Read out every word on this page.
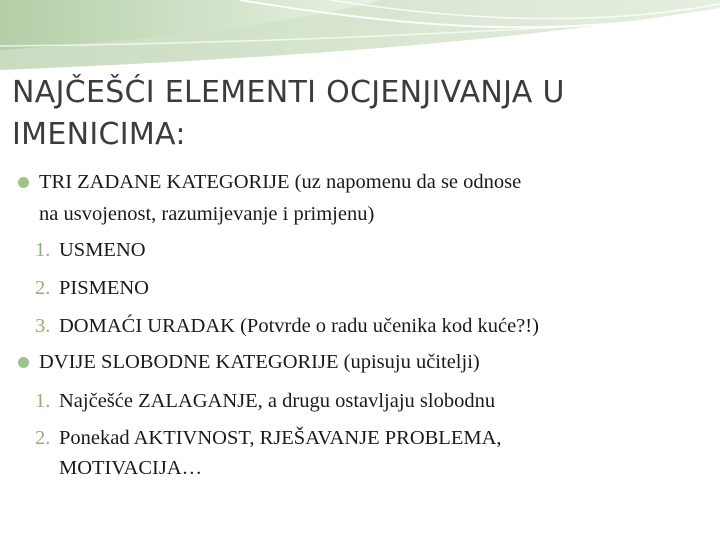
NAJČEŠĆI ELEMENTI OCJENJIVANJA U
IMENICIMA:
TRI ZADANE KATEGORIJE (uz napomenu da se odnose
na usvojenost, razumijevanje i primjenu)
1. USMENO
2. PISMENO
3. DOMAĆI URADAK (Potvrde o radu učenika kod kuće?!)
DVIJE SLOBODNE KATEGORIJE (upisuju učitelji)
1. Najčešće ZALAGANJE, a drugu ostavljaju slobodnu
2. Ponekad AKTIVNOST, RJEŠAVANJE PROBLEMA,
MOTIVACIJA…
